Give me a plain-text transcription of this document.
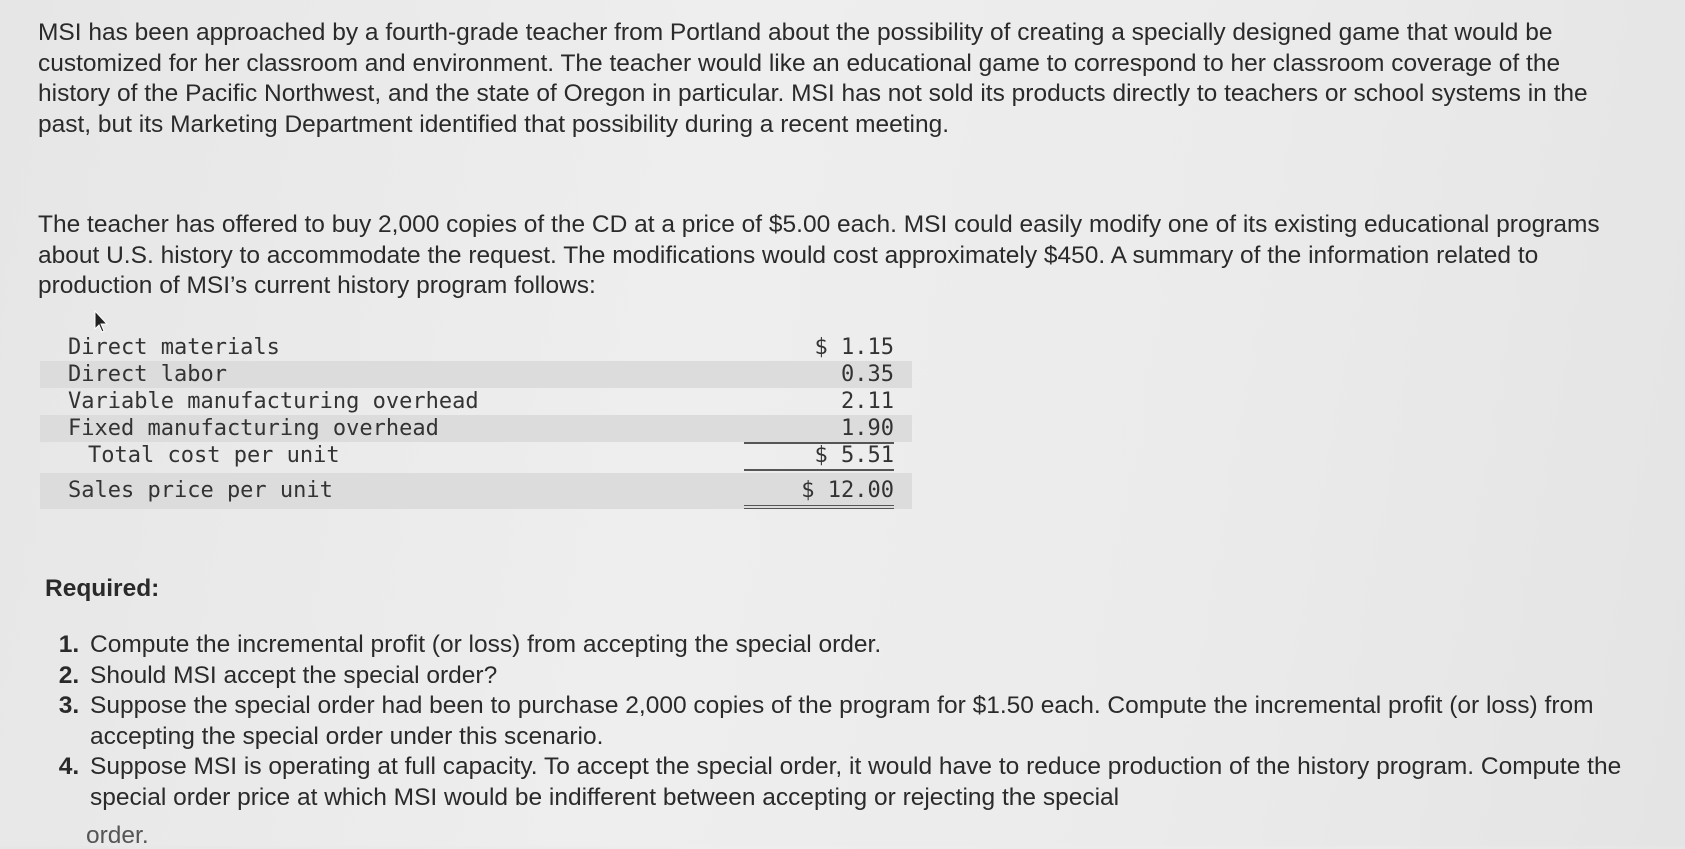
MSI has been approached by a fourth-grade teacher from Portland about the possibility of creating a specially designed game that would be customized for her classroom and environment. The teacher would like an educational game to correspond to her classroom coverage of the history of the Pacific Northwest, and the state of Oregon in particular. MSI has not sold its products directly to teachers or school systems in the past, but its Marketing Department identified that possibility during a recent meeting.
The teacher has offered to buy 2,000 copies of the CD at a price of $5.00 each. MSI could easily modify one of its existing educational programs about U.S. history to accommodate the request. The modifications would cost approximately $450. A summary of the information related to production of MSI’s current history program follows:
Direct materials	$ 1.15
Direct labor	0.35
Variable manufacturing overhead	2.11
Fixed manufacturing overhead	1.90
Total cost per unit	$ 5.51
Sales price per unit	$ 12.00
Required:
1. Compute the incremental profit (or loss) from accepting the special order.
2. Should MSI accept the special order?
3. Suppose the special order had been to purchase 2,000 copies of the program for $1.50 each. Compute the incremental profit (or loss) from accepting the special order under this scenario.
4. Suppose MSI is operating at full capacity. To accept the special order, it would have to reduce production of the history program. Compute the special order price at which MSI would be indifferent between accepting or rejecting the special
order.
